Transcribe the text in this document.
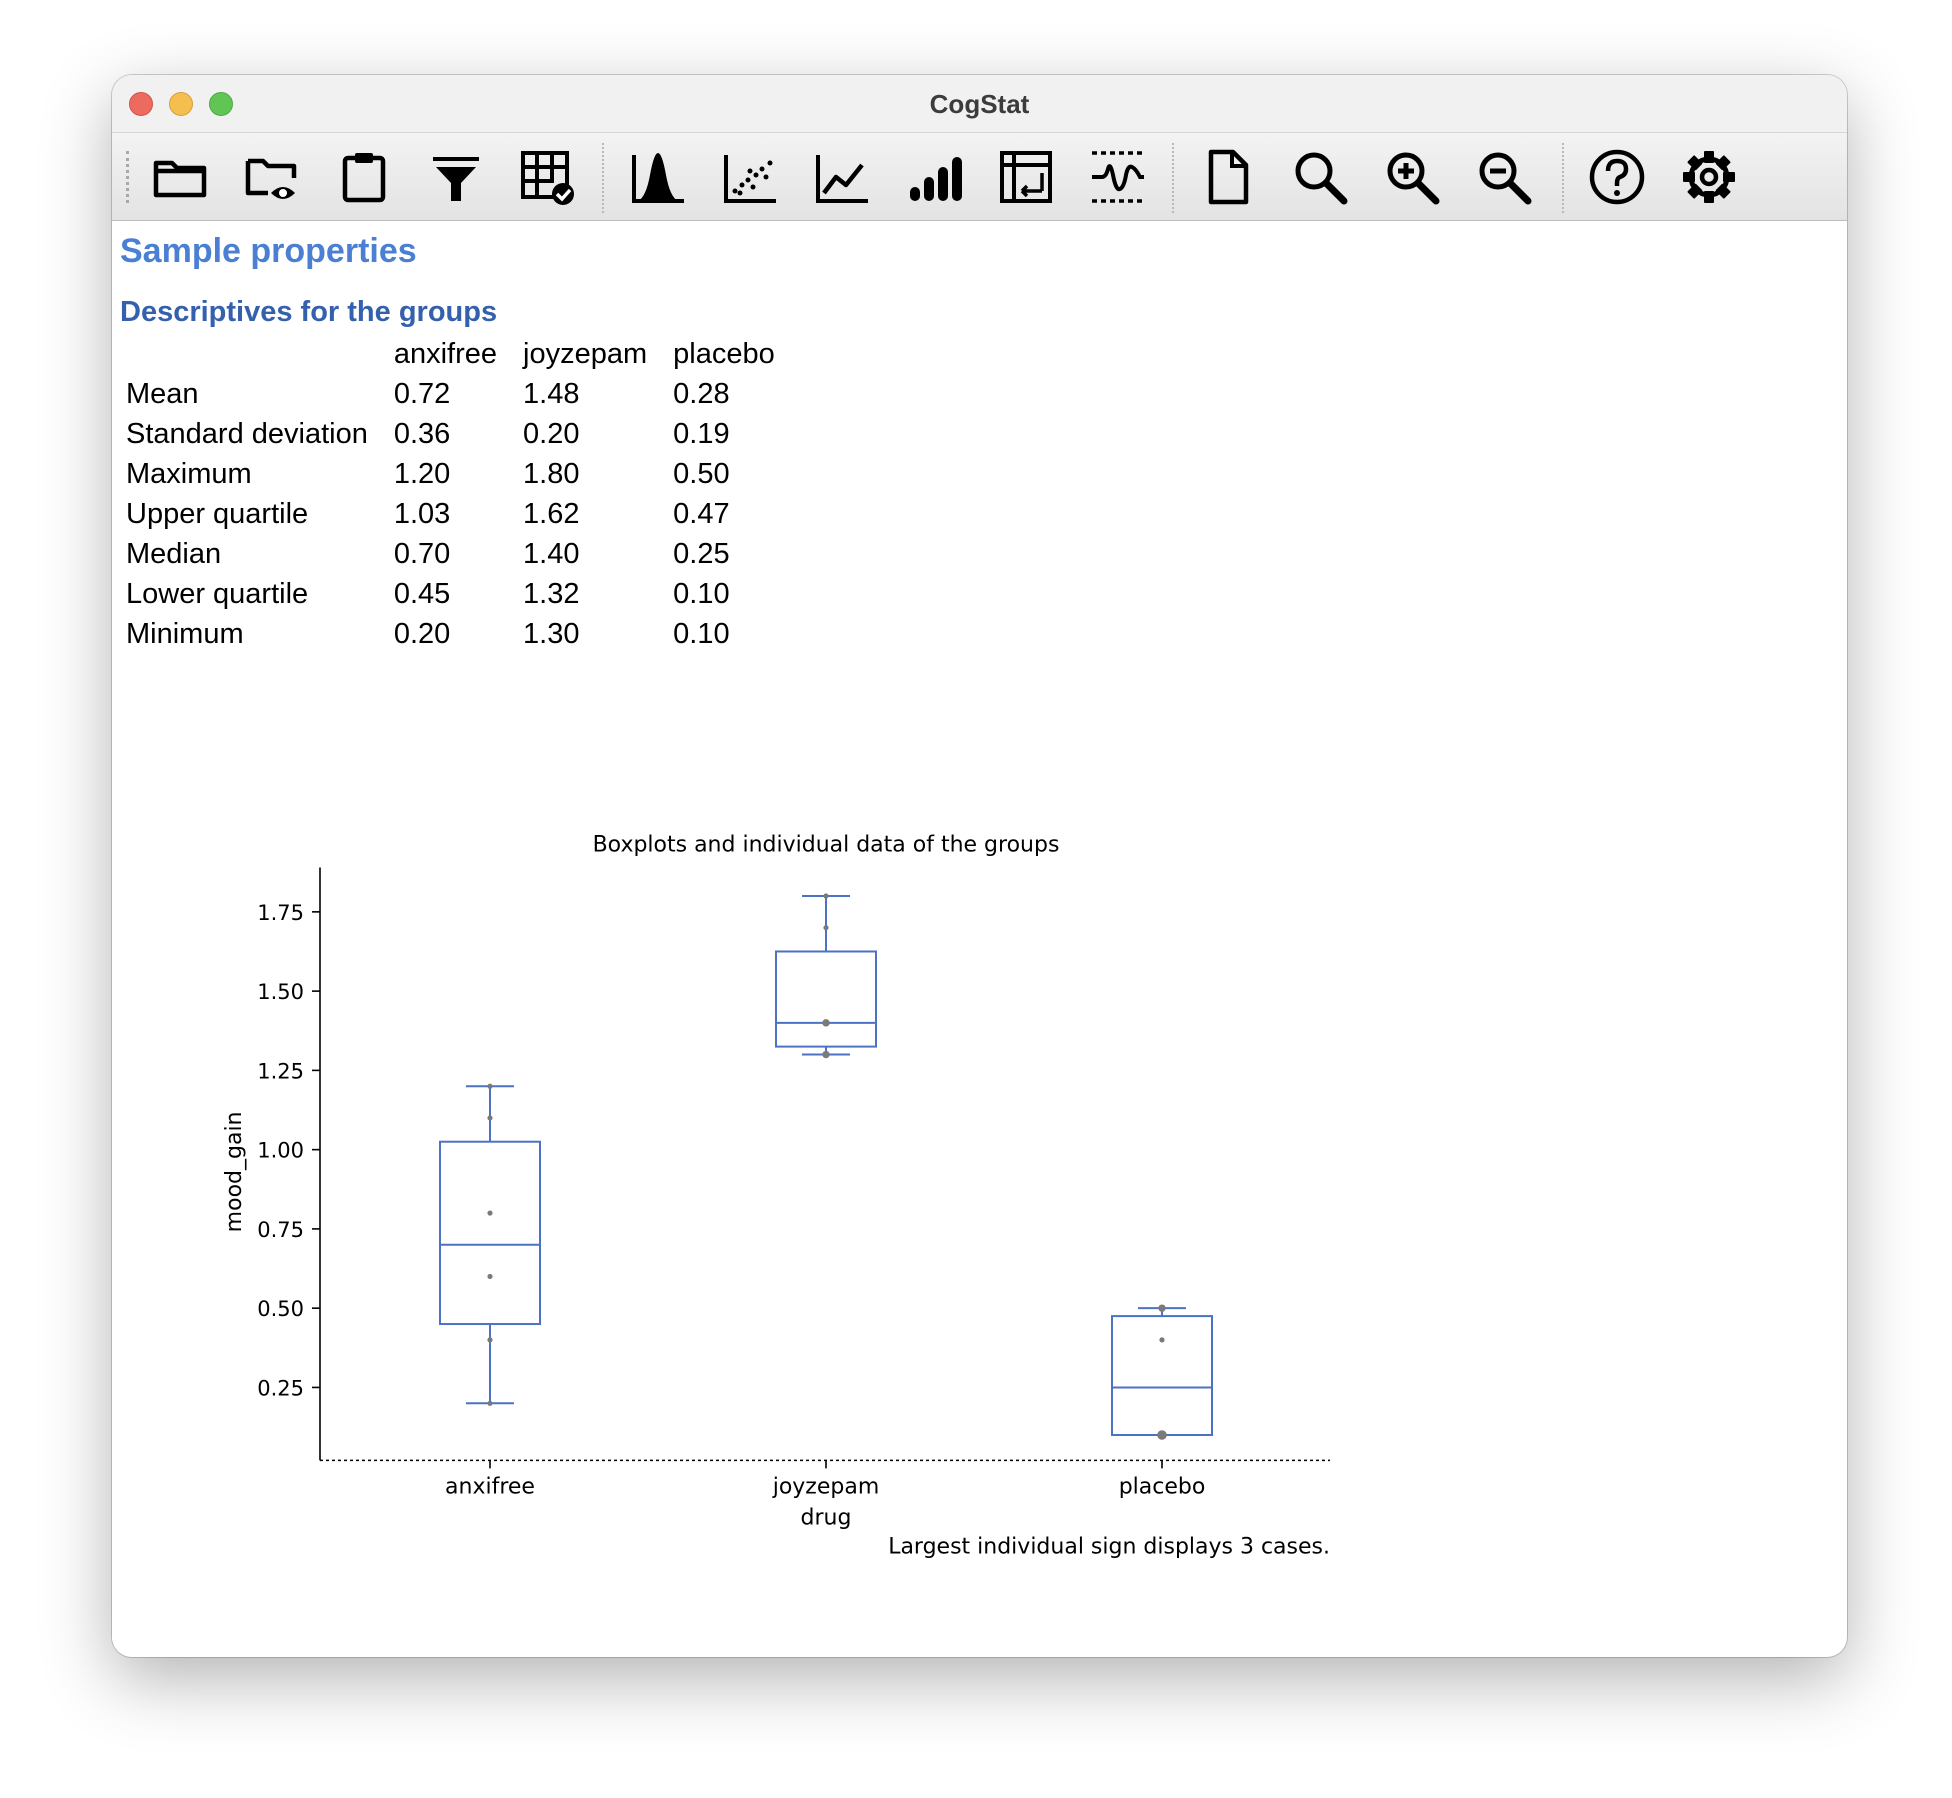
CogStat
Sample properties
Descriptives for the groups
	anxifree	joyzepam	placebo
Mean	0.72	1.48	0.28
Standard deviation	0.36	0.20	0.19
Maximum	1.20	1.80	0.50
Upper quartile	1.03	1.62	0.47
Median	0.70	1.40	0.25
Lower quartile	0.45	1.32	0.10
Minimum	0.20	1.30	0.10
Boxplots and individual data of the groups
0.25
0.50
0.75
1.00
1.25
1.50
1.75
anxifree	joyzepam	placebo
mood_gain
drug
Largest individual sign displays 3 cases.
